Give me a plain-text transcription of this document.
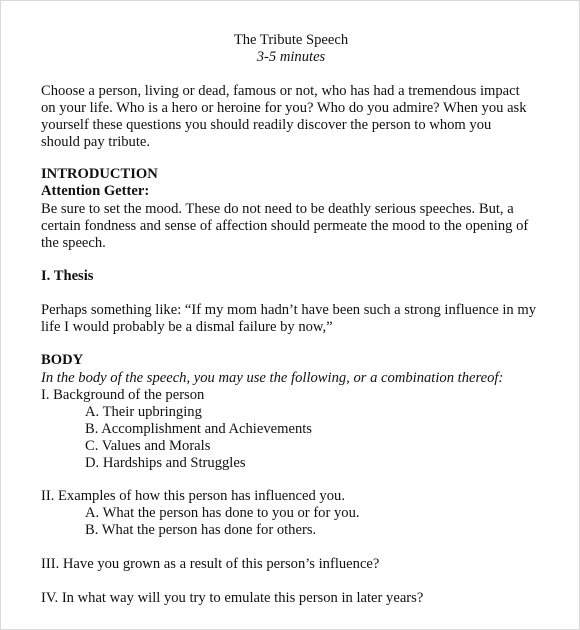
The Tribute Speech
3-5 minutes
Choose a person, living or dead, famous or not, who has had a tremendous impact
on your life. Who is a hero or heroine for you? Who do you admire? When you ask
yourself these questions you should readily discover the person to whom you
should pay tribute.
INTRODUCTION
Attention Getter:
Be sure to set the mood. These do not need to be deathly serious speeches. But, a
certain fondness and sense of affection should permeate the mood to the opening of
the speech.
I. Thesis
Perhaps something like: “If my mom hadn’t have been such a strong influence in my
life I would probably be a dismal failure by now,”
BODY
In the body of the speech, you may use the following, or a combination thereof:
I. Background of the person
A. Their upbringing
B. Accomplishment and Achievements
C. Values and Morals
D. Hardships and Struggles
II. Examples of how this person has influenced you.
A. What the person has done to you or for you.
B. What the person has done for others.
III. Have you grown as a result of this person’s influence?
IV. In what way will you try to emulate this person in later years?
